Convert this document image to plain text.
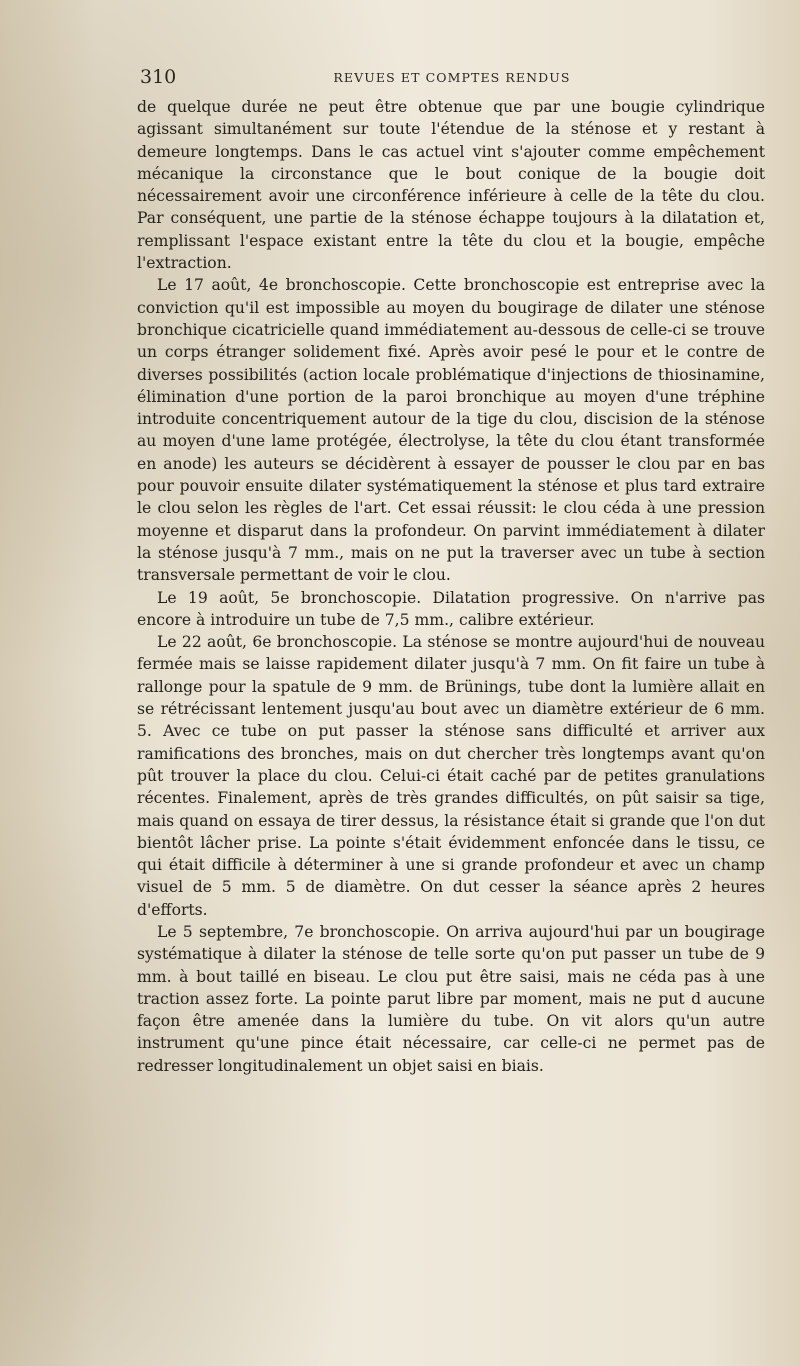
310	REVUES ET COMPTES RENDUS

de quelque durée ne peut être obtenue que par une bougie cylindrique agissant simultanément sur toute l'étendue de la sténose et y restant à demeure longtemps. Dans le cas actuel vint s'ajouter comme empêchement mécanique la circonstance que le bout conique de la bougie doit nécessairement avoir une circonférence inférieure à celle de la tête du clou. Par conséquent, une partie de la sténose échappe toujours à la dilatation et, remplissant l'espace existant entre la tête du clou et la bougie, empêche l'extraction.

Le 17 août, 4e bronchoscopie. Cette bronchoscopie est entreprise avec la conviction qu'il est impossible au moyen du bougirage de dilater une sténose bronchique cicatricielle quand immédiatement au-dessous de celle-ci se trouve un corps étranger solidement fixé. Après avoir pesé le pour et le contre de diverses possibilités (action locale problématique d'injections de thiosinamine, élimination d'une portion de la paroi bronchique au moyen d'une tréphine introduite concentriquement autour de la tige du clou, discision de la sténose au moyen d'une lame protégée, électrolyse, la tête du clou étant transformée en anode) les auteurs se décidèrent à essayer de pousser le clou par en bas pour pouvoir ensuite dilater systématiquement la sténose et plus tard extraire le clou selon les règles de l'art. Cet essai réussit: le clou céda à une pression moyenne et disparut dans la profondeur. On parvint immédiatement à dilater la sténose jusqu'à 7 mm., mais on ne put la traverser avec un tube à section transversale permettant de voir le clou.

Le 19 août, 5e bronchoscopie. Dilatation progressive. On n'arrive pas encore à introduire un tube de 7,5 mm., calibre extérieur.

Le 22 août, 6e bronchoscopie. La sténose se montre aujourd'hui de nouveau fermée mais se laisse rapidement dilater jusqu'à 7 mm. On fit faire un tube à rallonge pour la spatule de 9 mm. de Brünings, tube dont la lumière allait en se rétrécissant lentement jusqu'au bout avec un diamètre extérieur de 6 mm. 5. Avec ce tube on put passer la sténose sans difficulté et arriver aux ramifications des bronches, mais on dut chercher très longtemps avant qu'on pût trouver la place du clou. Celui-ci était caché par de petites granulations récentes. Finalement, après de très grandes difficultés, on pût saisir sa tige, mais quand on essaya de tirer dessus, la résistance était si grande que l'on dut bientôt lâcher prise. La pointe s'était évidemment enfoncée dans le tissu, ce qui était difficile à déterminer à une si grande profondeur et avec un champ visuel de 5 mm. 5 de diamètre. On dut cesser la séance après 2 heures d'efforts.

Le 5 septembre, 7e bronchoscopie. On arriva aujourd'hui par un bougirage systématique à dilater la sténose de telle sorte qu'on put passer un tube de 9 mm. à bout taillé en biseau. Le clou put être saisi, mais ne céda pas à une traction assez forte. La pointe parut libre par moment, mais ne put d aucune façon être amenée dans la lumière du tube. On vit alors qu'un autre instrument qu'une pince était nécessaire, car celle-ci ne permet pas de redresser longitudinalement un objet saisi en biais.
